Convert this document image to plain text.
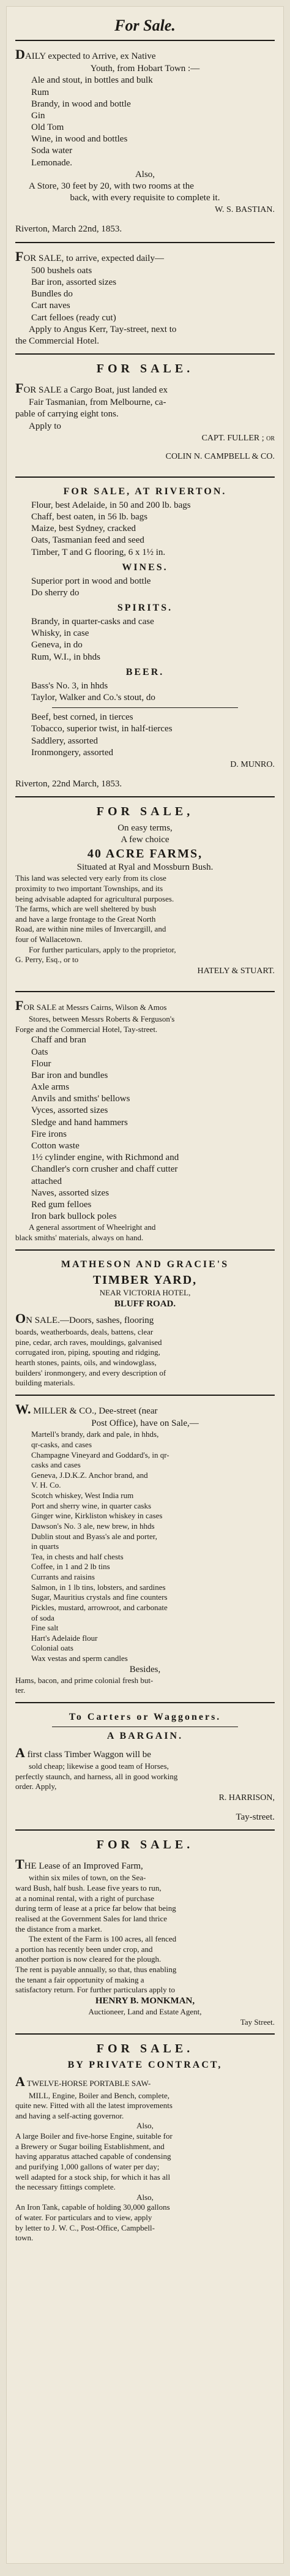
For Sale.

DAILY expected to Arrive, ex Native

Youth, from Hobart Town :—

Ale and stout, in bottles and bulk

Rum

Brandy, in wood and bottle

Gin

Old Tom

Wine, in wood and bottles

Soda water

Lemonade.

Also,

A Store, 30 feet by 20, with two rooms at the

back, with every requisite to complete it.

W. S. BASTIAN.

Riverton, March 22nd, 1853.

FOR SALE, to arrive, expected daily—

500 bushels oats

Bar iron, assorted sizes

Bundles do

Cart naves

Cart felloes (ready cut)

Apply to Angus Kerr, Tay-street, next to

the Commercial Hotel.

FOR SALE.

FOR SALE a Cargo Boat, just landed ex

Fair Tasmanian, from Melbourne, ca-

pable of carrying eight tons.

Apply to

CAPT. FULLER ; or

COLIN N. CAMPBELL & CO.

FOR SALE, AT RIVERTON.

Flour, best Adelaide, in 50 and 200 lb. bags

Chaff, best oaten, in 56 lb. bags

Maize, best Sydney, cracked

Oats, Tasmanian feed and seed

Timber, T and G flooring, 6 x 1½ in.

WINES.

Superior port in wood and bottle

Do sherry do

SPIRITS.

Brandy, in quarter-casks and case

Whisky, in case

Geneva, in do

Rum, W.I., in bhds

BEER.

Bass's No. 3, in hhds

Taylor, Walker and Co.'s stout, do

Beef, best corned, in tierces

Tobacco, superior twist, in half-tierces

Saddlery, assorted

Ironmongery, assorted

D. MUNRO.

Riverton, 22nd March, 1853.

FOR SALE,

On easy terms,

A few choice

40 ACRE FARMS,

Situated at Ryal and Mossburn Bush.

This land was selected very early from its close

proximity to two important Townships, and its

being advisable adapted for agricultural purposes.

The farms, which are well sheltered by bush

and have a large frontage to the Great North

Road, are within nine miles of Invercargill, and

four of Wallacetown.

For further particulars, apply to the proprietor,

G. Perry, Esq., or to

HATELY & STUART.

FOR SALE at Messrs Cairns, Wilson & Amos

Stores, between Messrs Roberts & Ferguson's

Forge and the Commercial Hotel, Tay-street.

Chaff and bran

Oats

Flour

Bar iron and bundles

Axle arms

Anvils and smiths' bellows

Vyces, assorted sizes

Sledge and hand hammers

Fire irons

Cotton waste

1½ cylinder engine, with Richmond and

Chandler's corn crusher and chaff cutter

attached

Naves, assorted sizes

Red gum felloes

Iron bark bullock poles

A general assortment of Wheelright and

black smiths' materials, always on hand.

MATHESON AND GRACIE'S

TIMBER YARD,

NEAR VICTORIA HOTEL,

BLUFF ROAD.

ON SALE.—Doors, sashes, flooring

boards, weatherboards, deals, battens, clear

pine, cedar, arch raves, mouldings, galvanised

corrugated iron, piping, spouting and ridging,

hearth stones, paints, oils, and windowglass,

builders' ironmongery, and every description of

building materials.

W. MILLER & CO., Dee-street (near

Post Office), have on Sale,—

Martell's brandy, dark and pale, in hhds,

qr-casks, and cases

Champagne Vineyard and Goddard's, in qr-

casks and cases

Geneva, J.D.K.Z. Anchor brand, and

V. H. Co.

Scotch whiskey, West India rum

Port and sherry wine, in quarter casks

Ginger wine, Kirkliston whiskey in cases

Dawson's No. 3 ale, new brew, in hhds

Dublin stout and Byass's ale and porter,

in quarts

Tea, in chests and half chests

Coffee, in 1 and 2 lb tins

Currants and raisins

Salmon, in 1 lb tins, lobsters, and sardines

Sugar, Mauritius crystals and fine counters

Pickles, mustard, arrowroot, and carbonate

of soda

Fine salt

Hart's Adelaide flour

Colonial oats

Wax vestas and sperm candles

Besides,

Hams, bacon, and prime colonial fresh but-

ter.

To Carters or Waggoners.
A BARGAIN.

A first class Timber Waggon will be

sold cheap; likewise a good team of Horses,

perfectly staunch, and harness, all in good working

order. Apply,

R. HARRISON,

Tay-street.

FOR SALE.

THE Lease of an Improved Farm,

within six miles of town, on the Sea-

ward Bush, half bush. Lease five years to run,

at a nominal rental, with a right of purchase

during term of lease at a price far below that being

realised at the Government Sales for land thrice

the distance from a market.

The extent of the Farm is 100 acres, all fenced

a portion has recently been under crop, and

another portion is now cleared for the plough.

The rent is payable annually, so that, thus enabling

the tenant a fair opportunity of making a

satisfactory return. For further particulars apply to

HENRY B. MONKMAN,

Auctioneer, Land and Estate Agent,

Tay Street.

FOR SALE.
BY PRIVATE CONTRACT,

A TWELVE-HORSE PORTABLE SAW-

MILL, Engine, Boiler and Bench, complete,

quite new. Fitted with all the latest improvements

and having a self-acting governor.

Also,

A large Boiler and five-horse Engine, suitable for

a Brewery or Sugar boiling Establishment, and

having apparatus attached capable of condensing

and purifying 1,000 gallons of water per day;

well adapted for a stock ship, for which it has all

the necessary fittings complete.

Also,

An Iron Tank, capable of holding 30,000 gallons

of water. For particulars and to view, apply

by letter to J. W. C., Post-Office, Campbell-

town.
